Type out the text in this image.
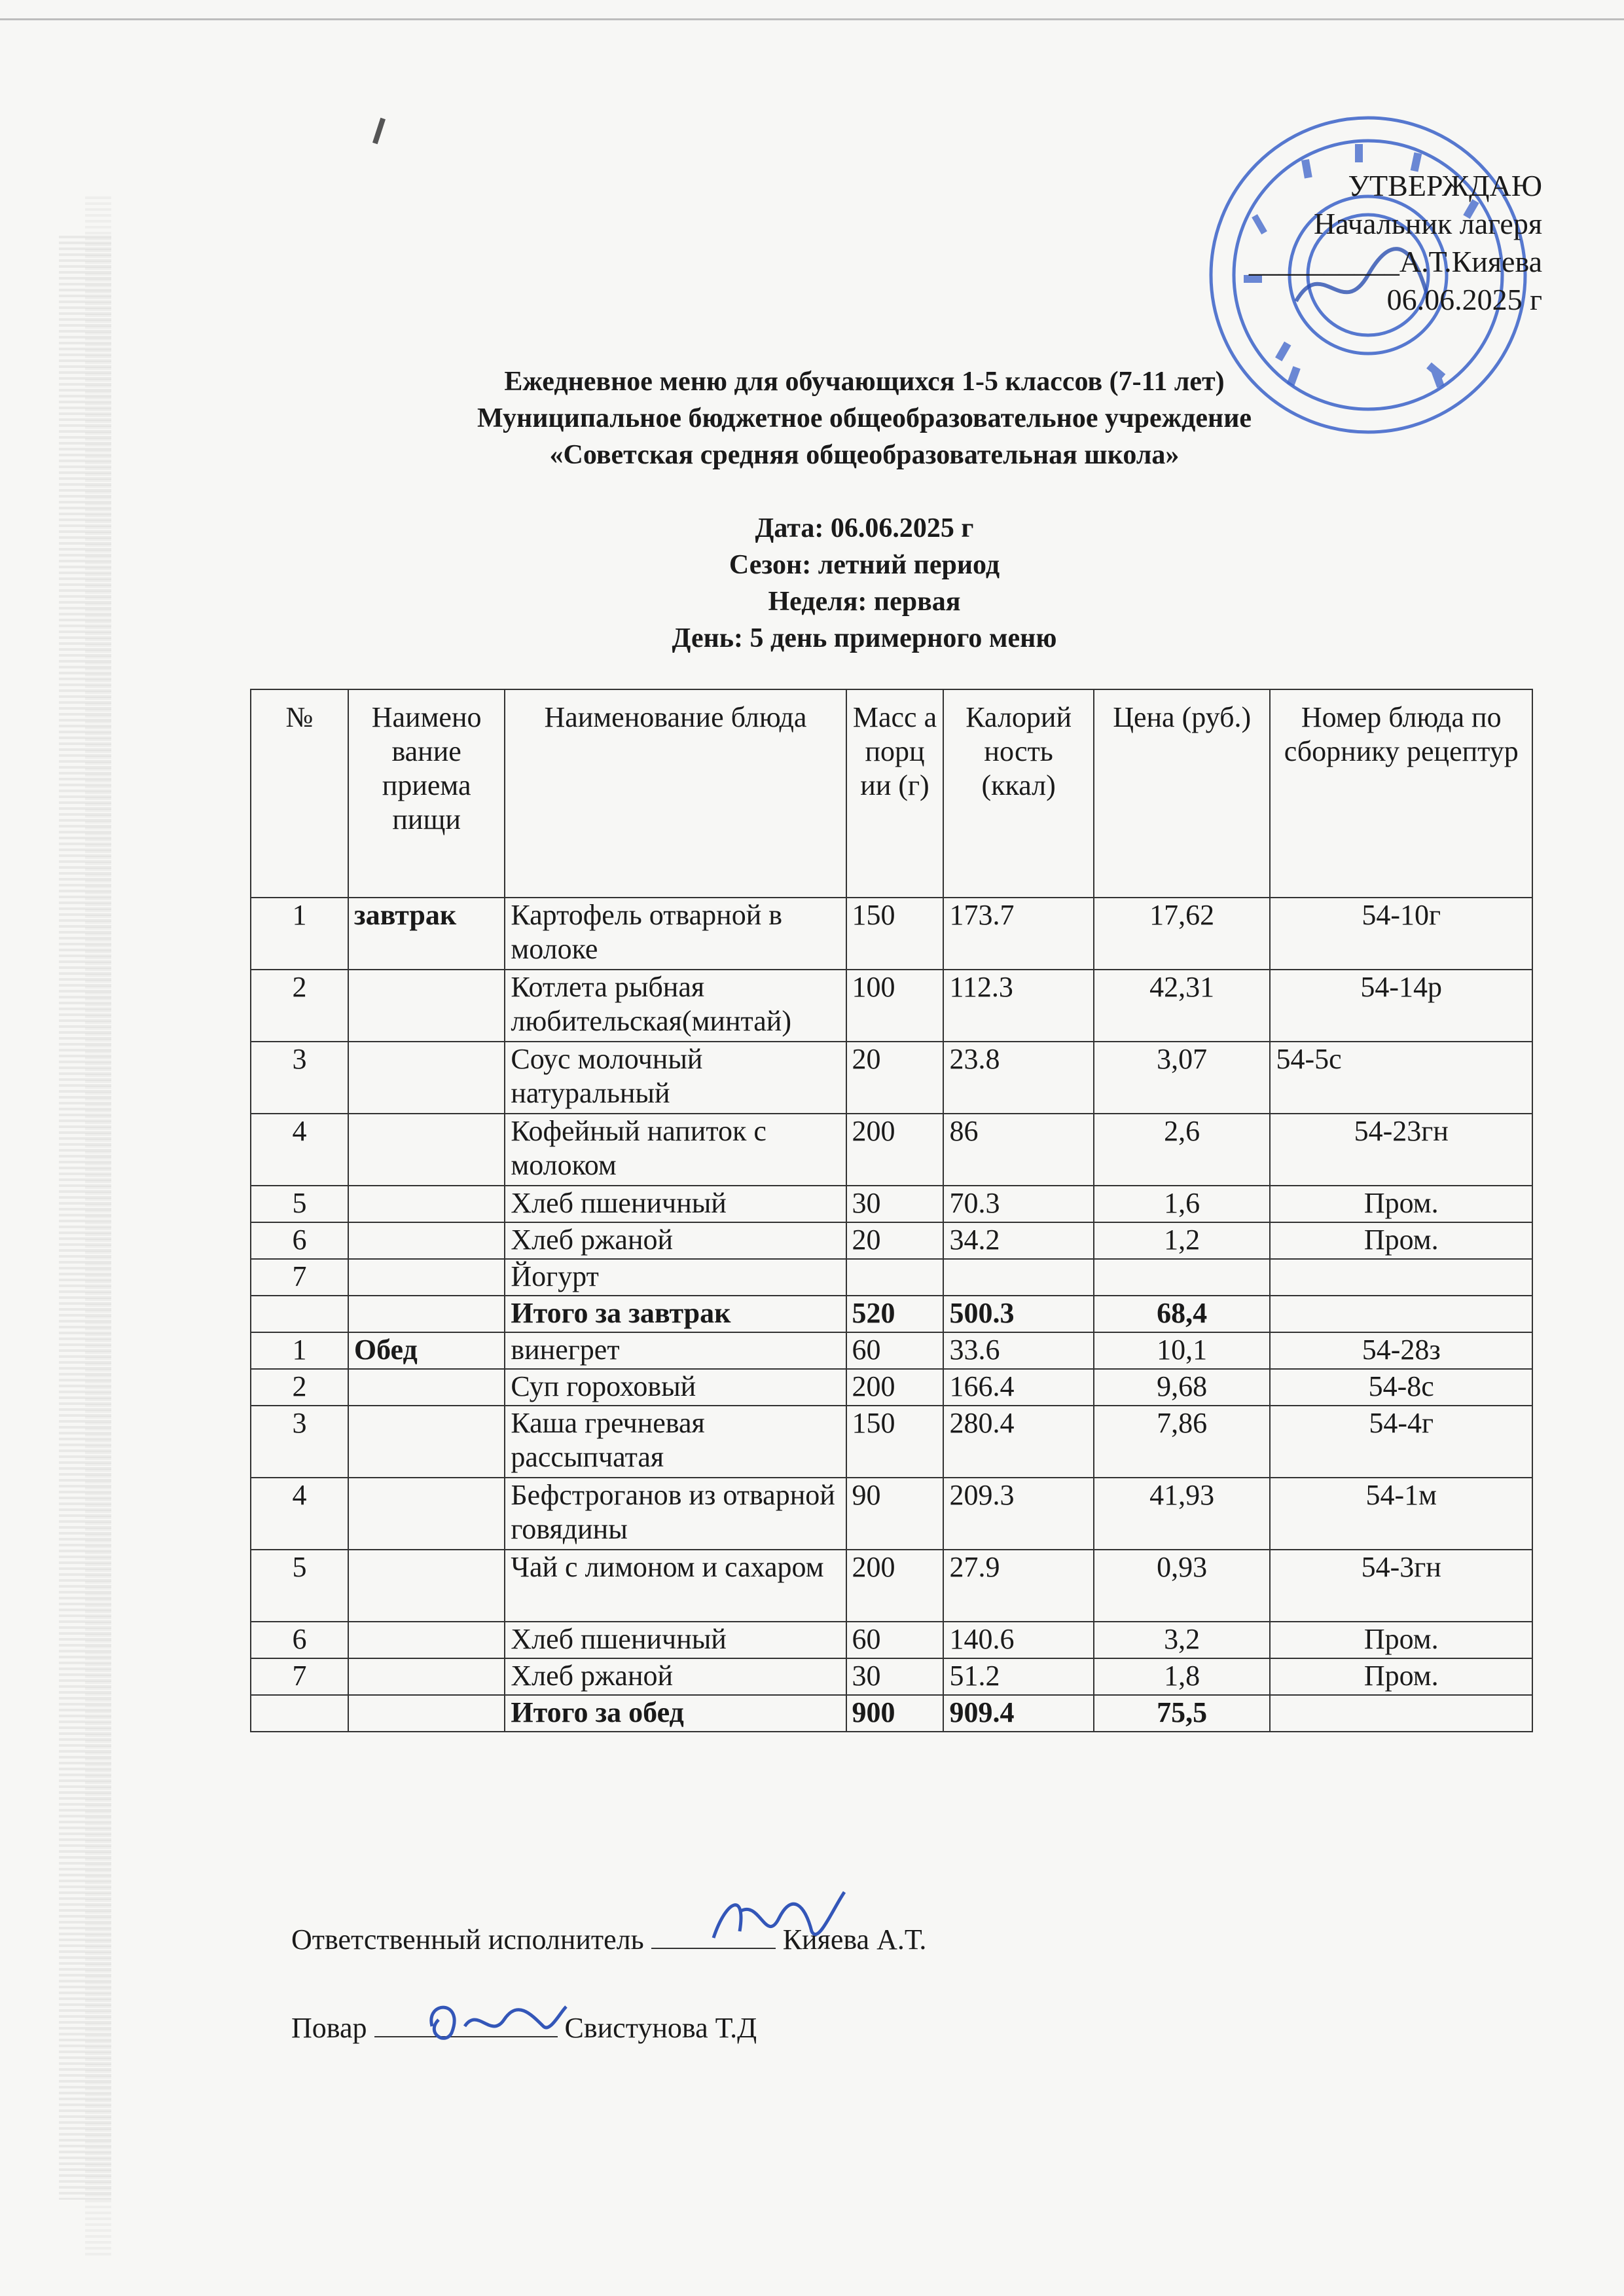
УТВЕРЖДАЮ
Начальник лагеря
__________А.Т.Кияева
06.06.2025 г
Ежедневное меню для обучающихся 1-5 классов (7-11 лет)
Муниципальное бюджетное общеобразовательное учреждение
«Советская средняя общеобразовательная школа»
Дата: 06.06.2025 г
Сезон: летний период
Неделя: первая
День: 5 день примерного меню
№	Наимено вание приема пищи	Наименование блюда	Масс а порц ии (г)	Калорий ность (ккал)	Цена (руб.)	Номер блюда по сборнику рецептур
1	завтрак	Картофель отварной в молоке	150	173.7	17,62	54-10г
2		Котлета рыбная любительская(минтай)	100	112.3	42,31	54-14р
3		Соус молочный натуральный	20	23.8	3,07	54-5с
4		Кофейный напиток с молоком	200	86	2,6	54-23гн
5		Хлеб пшеничный	30	70.3	1,6	Пром.
6		Хлеб ржаной	20	34.2	1,2	Пром.
7		Йогурт				
		Итого за завтрак	520	500.3	68,4	
1	Обед	винегрет	60	33.6	10,1	54-28з
2		Суп гороховый	200	166.4	9,68	54-8с
3		Каша гречневая рассыпчатая	150	280.4	7,86	54-4г
4		Бефстроганов из отварной говядины	90	209.3	41,93	54-1м
5		Чай с лимоном и сахаром	200	27.9	0,93	54-3гн
6		Хлеб пшеничный	60	140.6	3,2	Пром.
7		Хлеб ржаной	30	51.2	1,8	Пром.
		Итого за обед	900	909.4	75,5	
Ответственный исполнитель	Кияева А.Т.
Повар	Свистунова Т.Д
